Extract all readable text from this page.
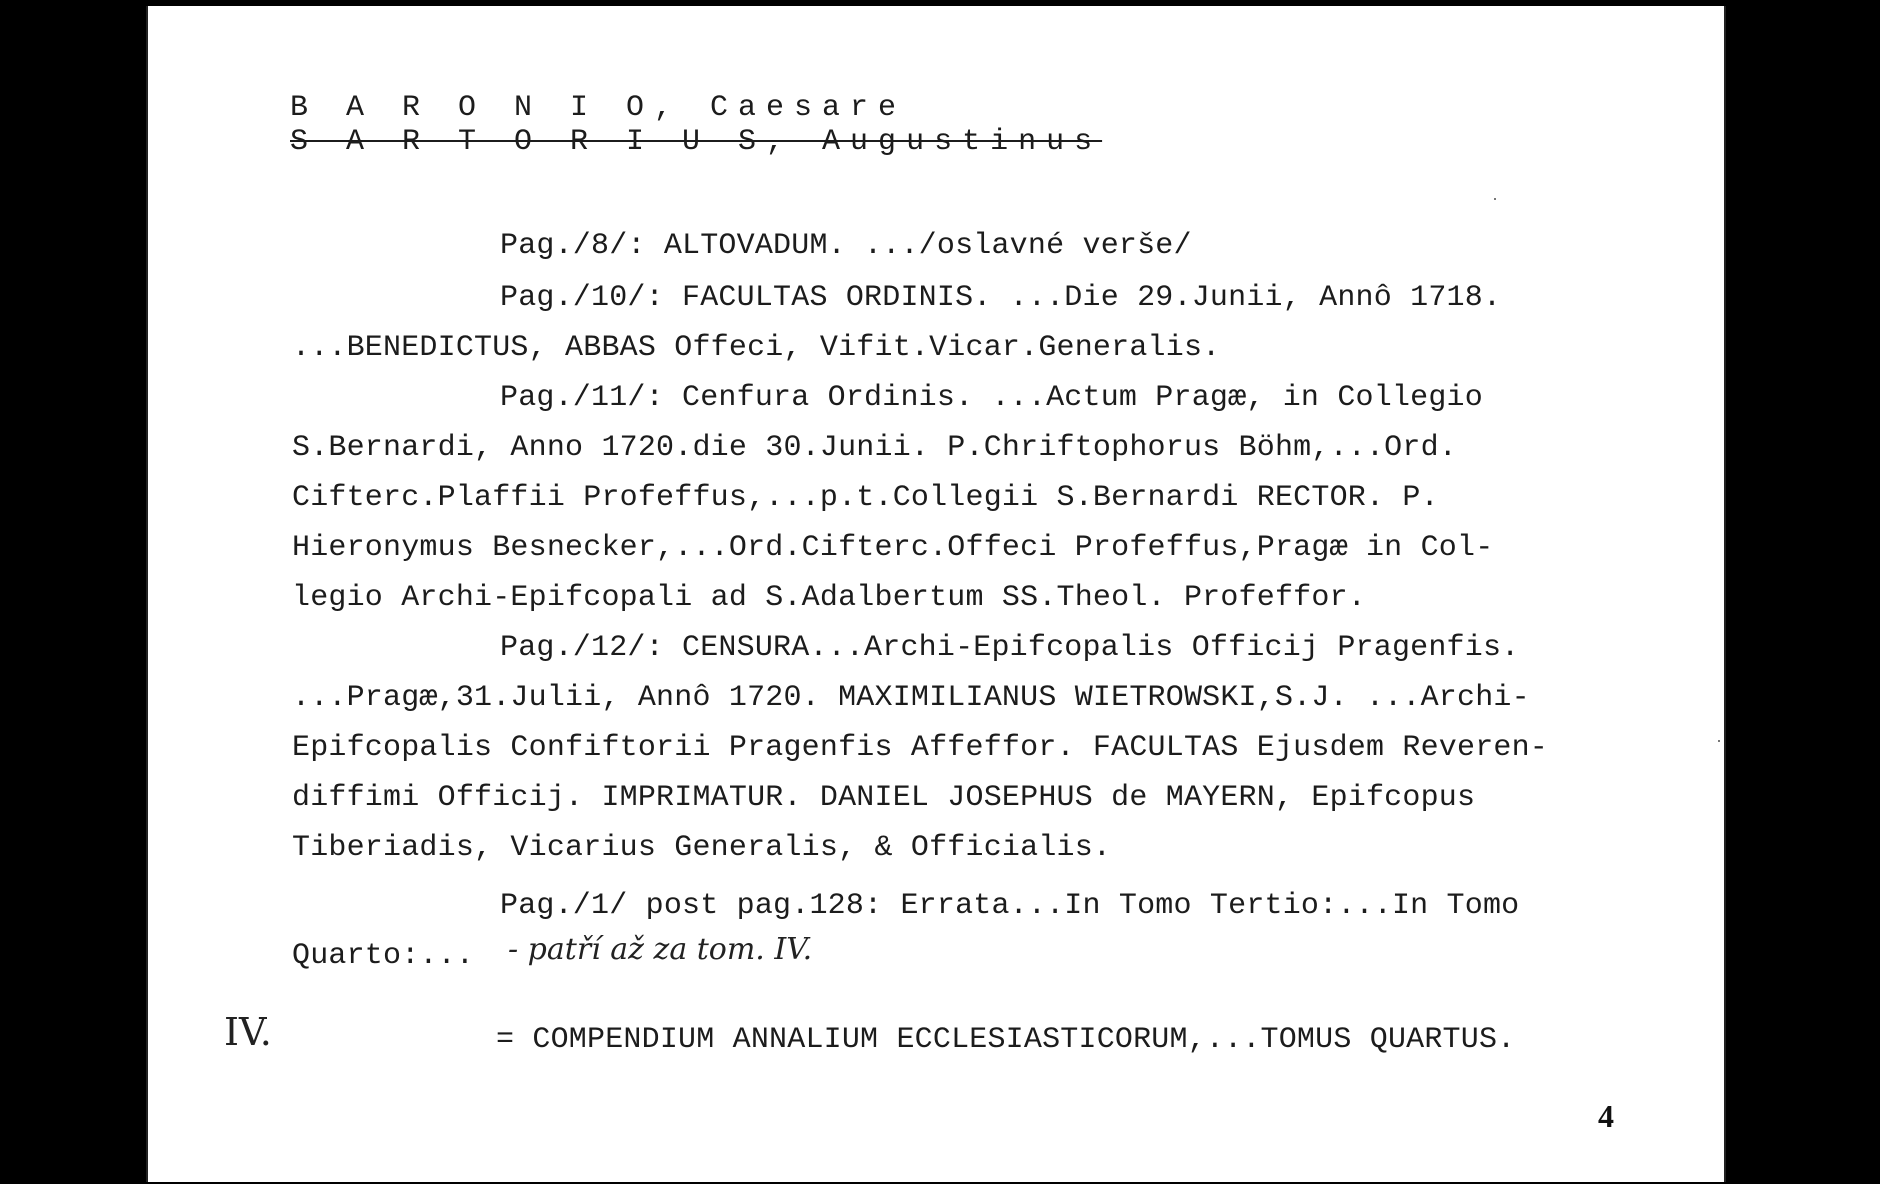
B A R O N I O, Caesare
S A R T O R I U S, Augustinus
Pag./8/: ALTOVADUM. .../oslavné verše/
Pag./10/: FACULTAS ORDINIS. ...Die 29.Junii, Annô 1718.
...BENEDICTUS, ABBAS Offeci, Vifit.Vicar.Generalis.
Pag./11/: Cenfura Ordinis. ...Actum Pragæ, in Collegio
S.Bernardi, Anno 1720.die 30.Junii. P.Chriftophorus Böhm,...Ord.
Cifterc.Plaffii Profeffus,...p.t.Collegii S.Bernardi RECTOR. P.
Hieronymus Besnecker,...Ord.Cifterc.Offeci Profeffus,Pragæ in Col-
legio Archi-Epifcopali ad S.Adalbertum SS.Theol. Profeffor.
Pag./12/: CENSURA...Archi-Epifcopalis Officij Pragenfis.
...Pragæ,31.Julii, Annô 1720. MAXIMILIANUS WIETROWSKI,S.J. ...Archi-
Epifcopalis Confiftorii Pragenfis Affeffor. FACULTAS Ejusdem Reveren-
diffimi Officij. IMPRIMATUR. DANIEL JOSEPHUS de MAYERN, Epifcopus
Tiberiadis, Vicarius Generalis, & Officialis.
Pag./1/ post pag.128: Errata...In Tomo Tertio:...In Tomo
Quarto:... - patří až za tom. IV.
IV.	= COMPENDIUM ANNALIUM ECCLESIASTICORUM,...TOMUS QUARTUS.
4
